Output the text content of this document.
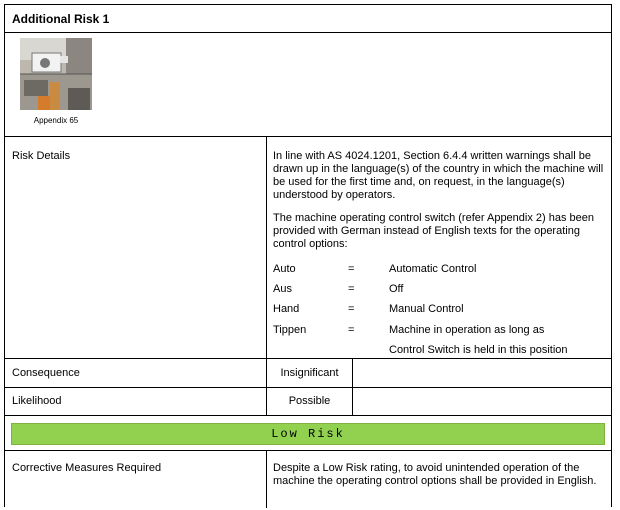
Additional Risk 1
Appendix 65
Risk Details	In line with AS 4024.1201, Section 6.4.4 written warnings shall be drawn up in the language(s) of the country in which the machine will be used for the first time and, on request, in the language(s) understood by operators.
The machine operating control switch (refer Appendix 2) has been provided with German instead of English texts for the operating control options:
Auto	=	Automatic Control
Aus	=	Off
Hand	=	Manual Control
Tippen	=	Machine in operation as long as
Control Switch is held in this position
Consequence	Insignificant
Likelihood	Possible
Low Risk
Corrective Measures Required	Despite a Low Risk rating, to avoid unintended operation of the machine the operating control options shall be provided in English.
